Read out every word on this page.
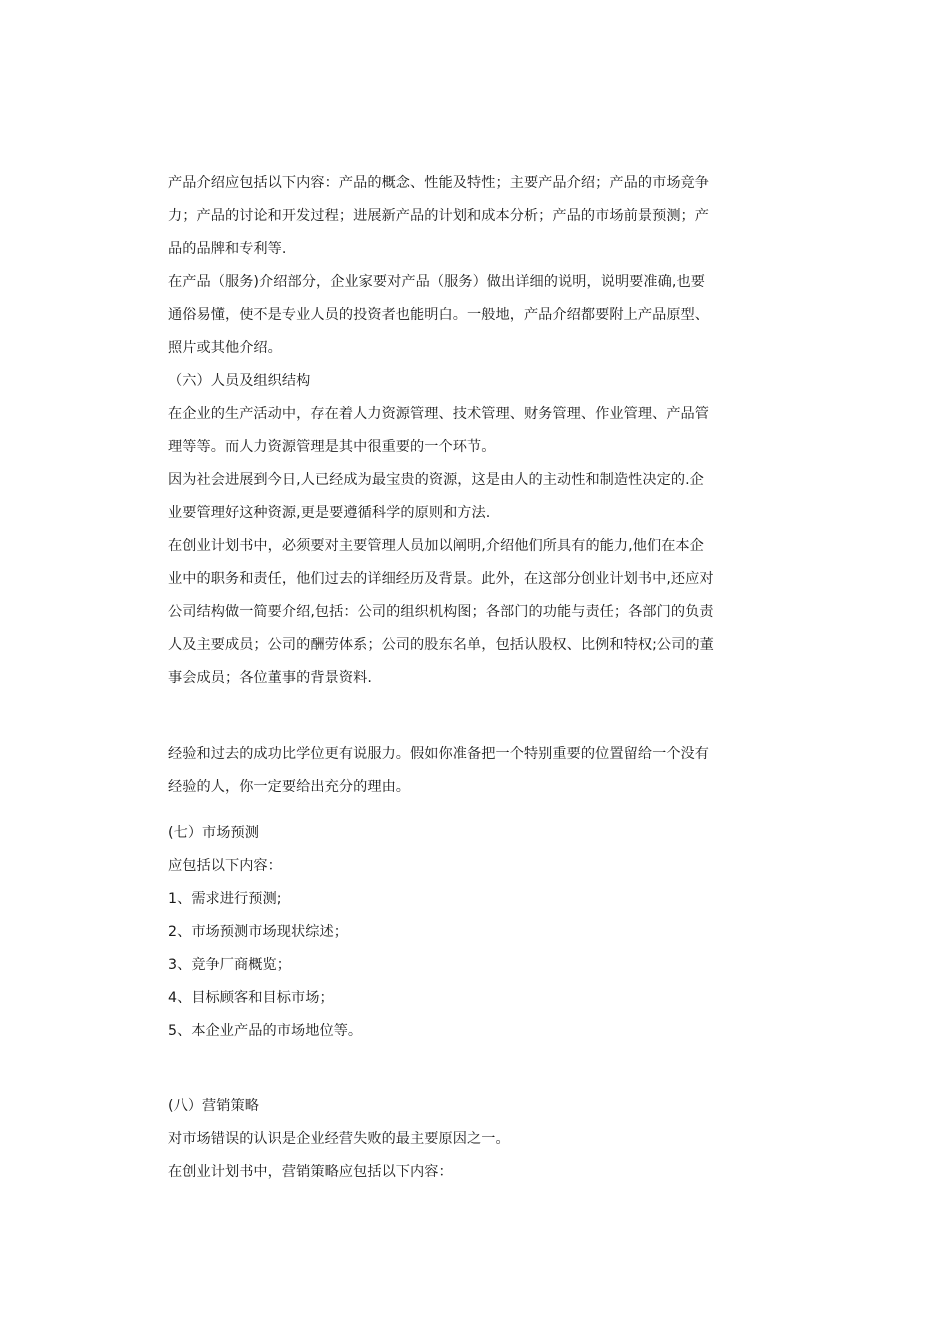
产品介绍应包括以下内容：产品的概念、性能及特性；主要产品介绍；产品的市场竞争
力；产品的讨论和开发过程；进展新产品的计划和成本分析；产品的市场前景预测；产
品的品牌和专利等.
在产品（服务)介绍部分，企业家要对产品（服务）做出详细的说明，说明要准确,也要
通俗易懂，使不是专业人员的投资者也能明白。一般地，产品介绍都要附上产品原型、
照片或其他介绍。
（六）人员及组织结构
在企业的生产活动中，存在着人力资源管理、技术管理、财务管理、作业管理、产品管
理等等。而人力资源管理是其中很重要的一个环节。
因为社会进展到今日,人已经成为最宝贵的资源，这是由人的主动性和制造性决定的.企
业要管理好这种资源,更是要遵循科学的原则和方法.
在创业计划书中，必须要对主要管理人员加以阐明,介绍他们所具有的能力,他们在本企
业中的职务和责任，他们过去的详细经历及背景。此外，在这部分创业计划书中,还应对
公司结构做一简要介绍,包括：公司的组织机构图；各部门的功能与责任；各部门的负责
人及主要成员；公司的酬劳体系；公司的股东名单，包括认股权、比例和特权;公司的董
事会成员；各位董事的背景资料.
经验和过去的成功比学位更有说服力。假如你准备把一个特别重要的位置留给一个没有
经验的人，你一定要给出充分的理由。
(七）市场预测
应包括以下内容：
1、需求进行预测;
2、市场预测市场现状综述；
3、竞争厂商概览；
4、目标顾客和目标市场；
5、本企业产品的市场地位等。
(八）营销策略
对市场错误的认识是企业经营失败的最主要原因之一。
在创业计划书中，营销策略应包括以下内容：
